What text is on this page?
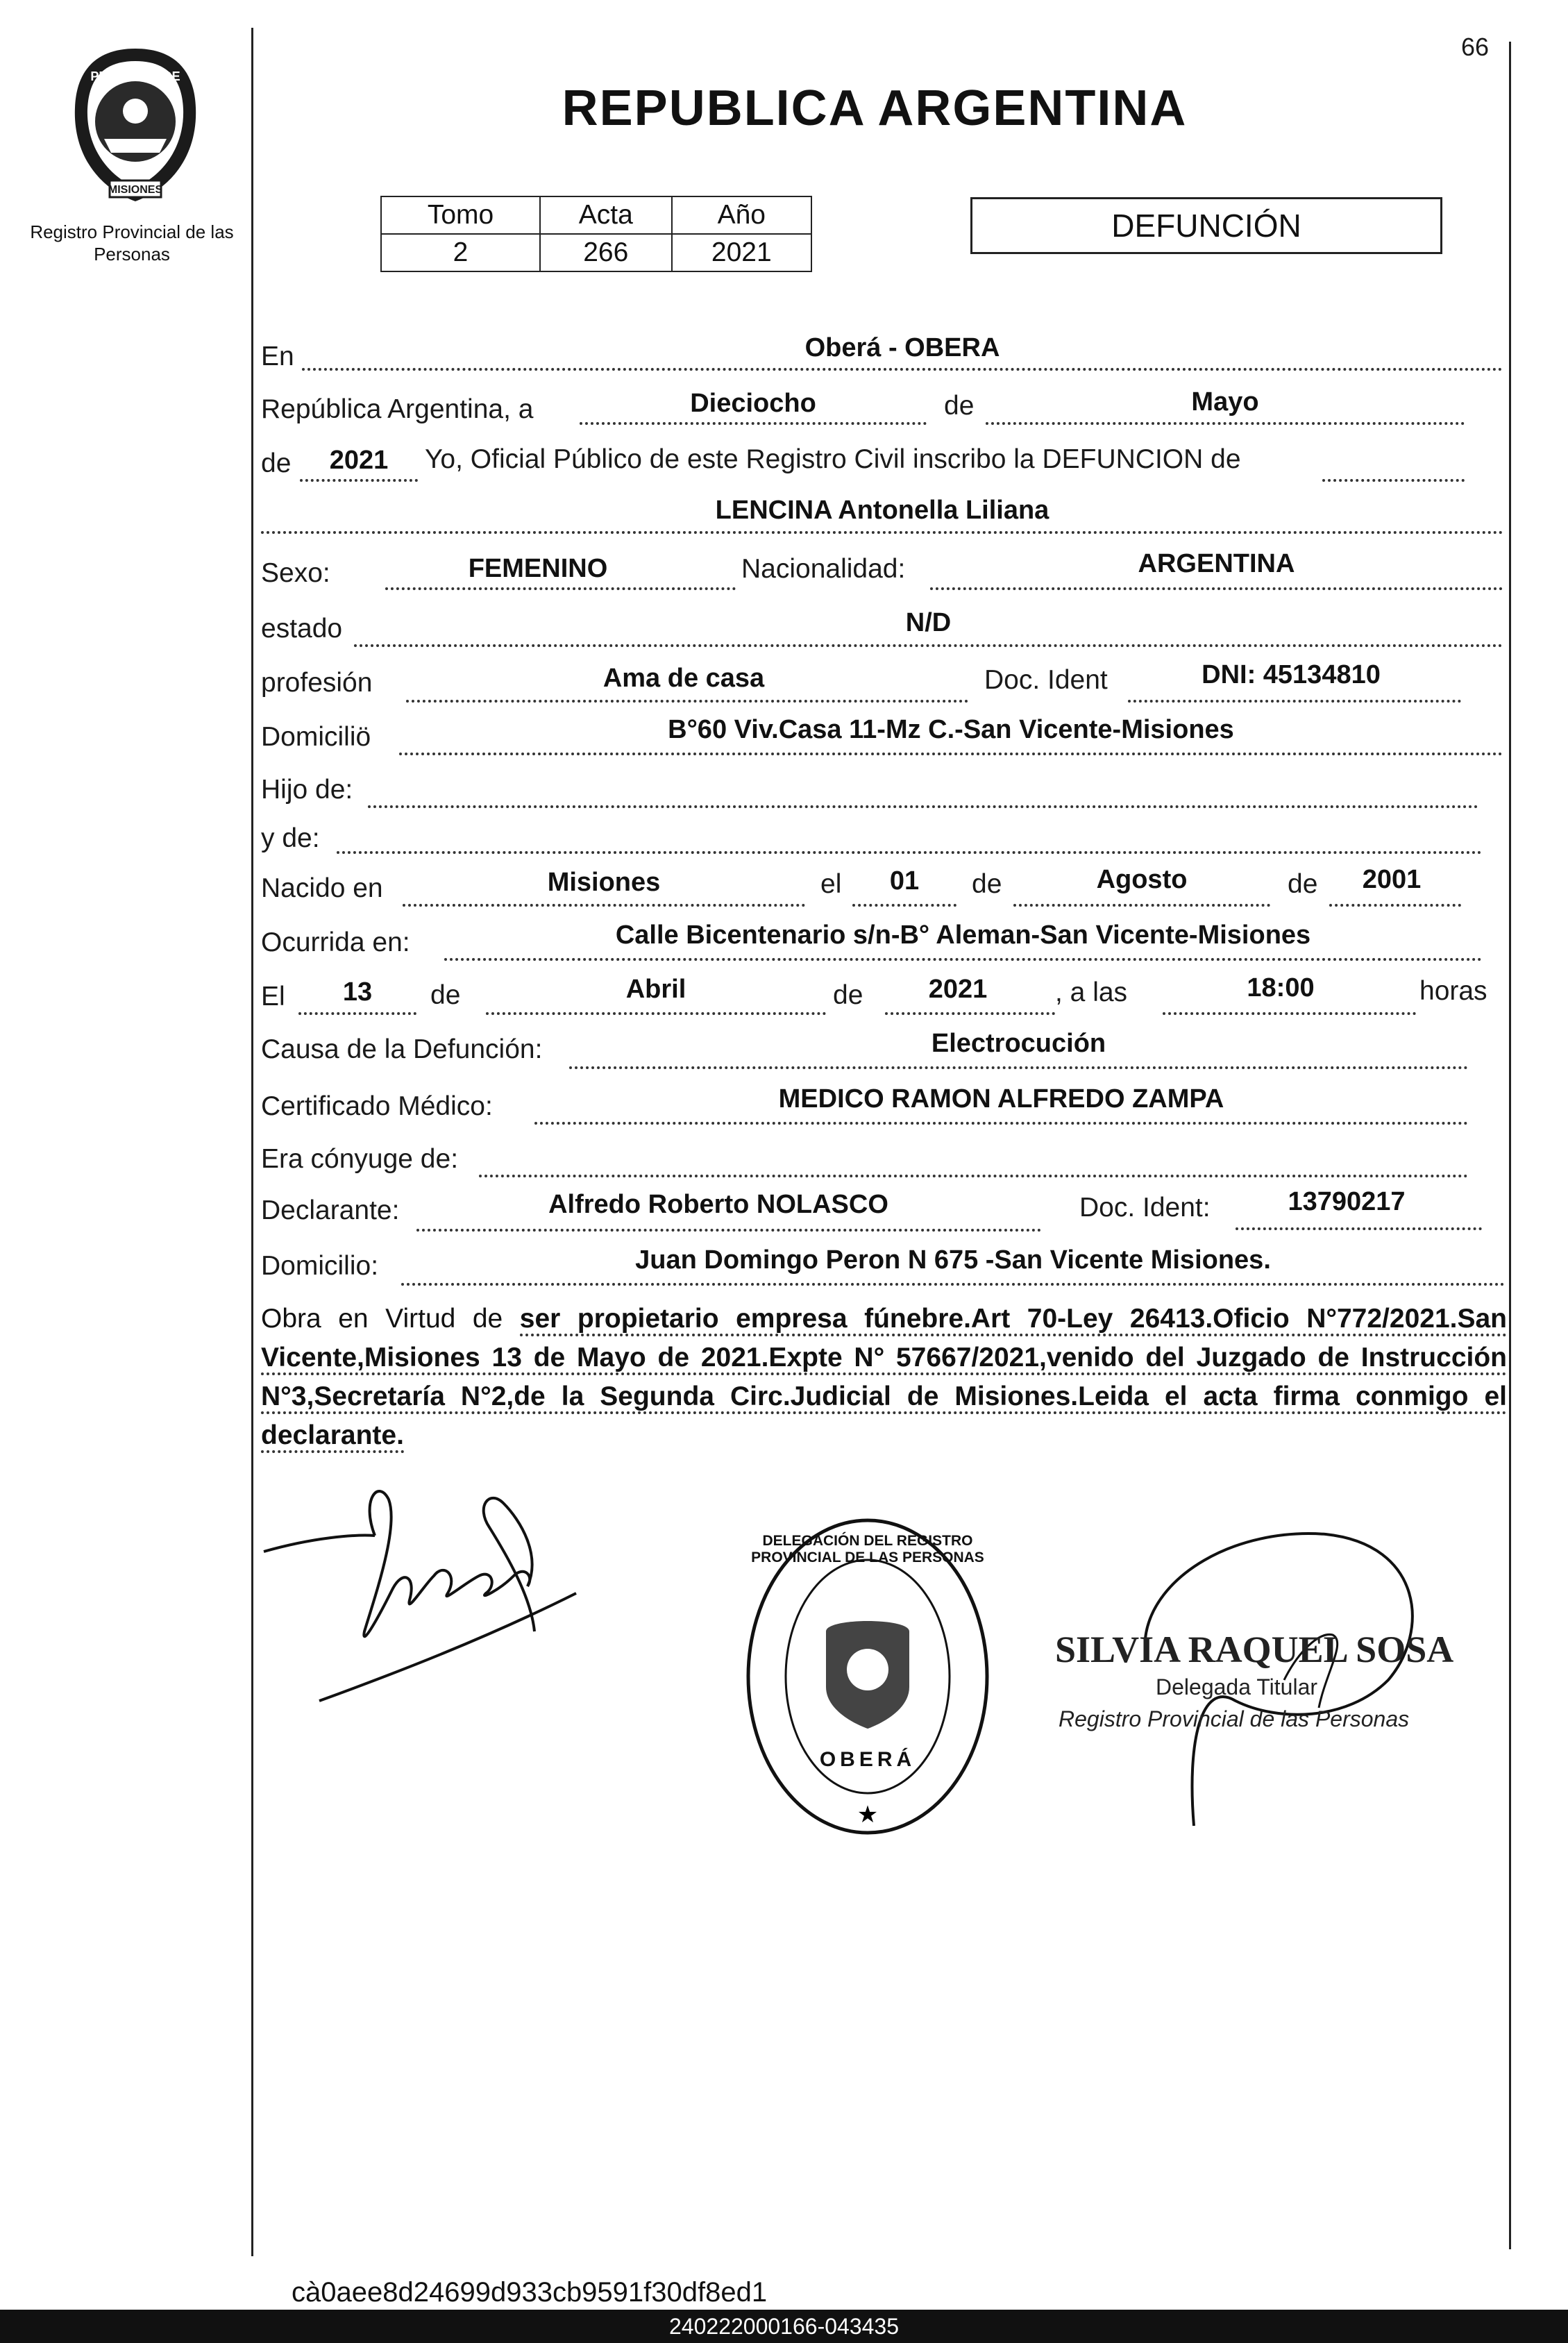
66
PROVINCIA DE
MISIONES
Registro Provincial de las Personas
REPUBLICA ARGENTINA
Tomo	Acta	Año
2	266	2021
DEFUNCIÓN
En	Oberá - OBERA
República Argentina, a	Dieciocho	de	Mayo
de	2021	Yo, Oficial Público de este Registro Civil inscribo la DEFUNCION de
LENCINA Antonella Liliana
Sexo:	FEMENINO	Nacionalidad:	ARGENTINA
estado	N/D
profesión	Ama de casa	Doc. Ident	DNI: 45134810
Domiciliö	B°60 Viv.Casa 11-Mz C.-San Vicente-Misiones
Hijo de:
y de:
Nacido en	Misiones	el	01	de	Agosto	de	2001
Ocurrida en:	Calle Bicentenario s/n-B° Aleman-San Vicente-Misiones
El	13	de	Abril	de	2021	, a las	18:00	horas
Causa de la Defunción:	Electrocución
Certificado Médico:	MEDICO RAMON ALFREDO ZAMPA
Era cónyuge de:
Declarante:	Alfredo Roberto NOLASCO	Doc. Ident:	13790217
Domicilio:	Juan Domingo Peron N 675 -San Vicente Misiones.
Obra en Virtud de ser propietario empresa fúnebre.Art 70-Ley 26413.Oficio N°772/2021.San Vicente,Misiones 13 de Mayo de 2021.Expte N° 57667/2021,venido del Juzgado de Instrucción N°3,Secretaría N°2,de la Segunda Circ.Judicial de Misiones.Leida el acta firma conmigo el declarante.
★
DELEGACIÓN DEL REGISTRO PROVINCIAL DE LAS PERSONAS
OBERÁ
SILVIA RAQUEL SOSA
Delegada Titular
Registro Provincial de las Personas
cà0aee8d24699d933cb9591f30df8ed1
240222000166-043435
